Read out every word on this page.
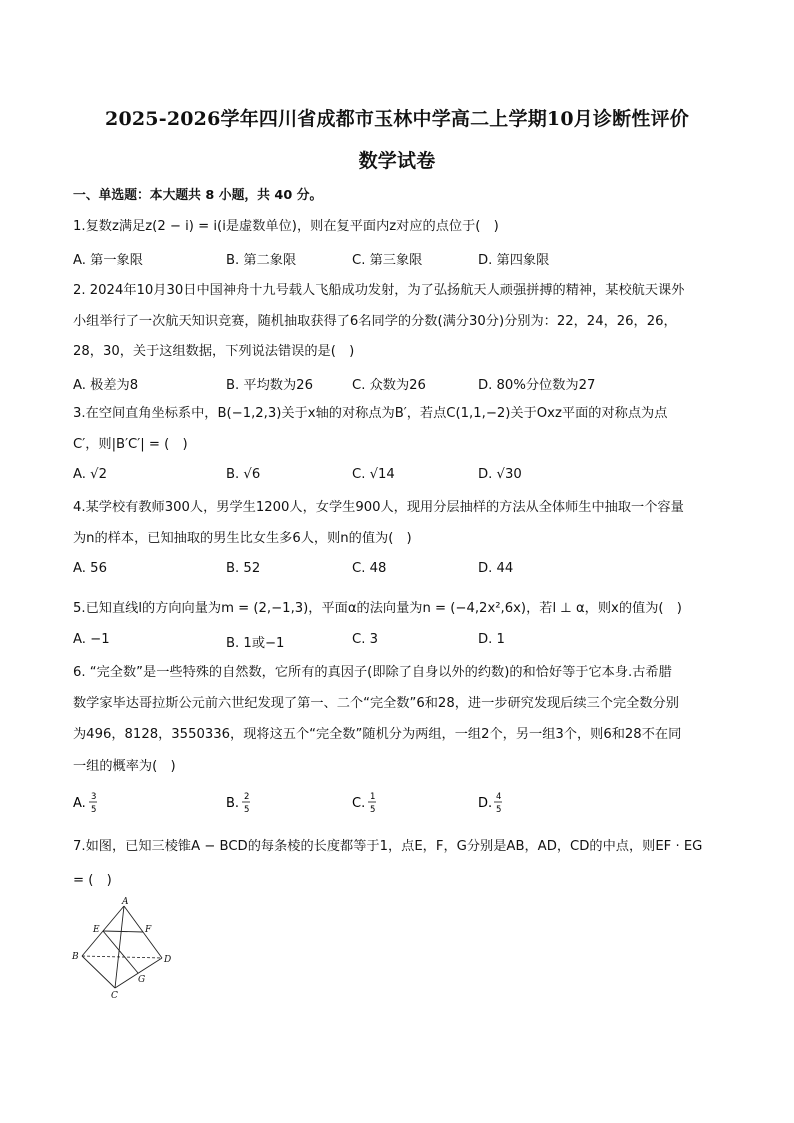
2025-2026学年四川省成都市玉林中学高二上学期10月诊断性评价
数学试卷
一、单选题：本大题共 8 小题，共 40 分。
1.复数z满足z(2 − i) = i(i是虚数单位)，则在复平面内z对应的点位于(　)
A. 第一象限	B. 第二象限	C. 第三象限	D. 第四象限
2. 2024年10月30日中国神舟十九号载人飞船成功发射，为了弘扬航天人顽强拼搏的精神，某校航天课外
小组举行了一次航天知识竞赛，随机抽取获得了6名同学的分数(满分30分)分别为：22，24，26，26，
28，30，关于这组数据，下列说法错误的是(　)
A. 极差为8	B. 平均数为26	C. 众数为26	D. 80%分位数为27
3.在空间直角坐标系中，B(−1,2,3)关于x轴的对称点为B′，若点C(1,1,−2)关于Oxz平面的对称点为点
C′，则|B′C′| = (　)
A. √2	B. √6	C. √14	D. √30
4.某学校有教师300人，男学生1200人，女学生900人，现用分层抽样的方法从全体师生中抽取一个容量
为n的样本，已知抽取的男生比女生多6人，则n的值为(　)
A. 56	B. 52	C. 48	D. 44
5.已知直线l的方向向量为m = (2,−1,3)，平面α的法向量为n = (−4,2x²,6x)，若l ⊥ α，则x的值为(　)
A. −1	B. 1或−1	C. 3	D. 1
6. “完全数”是一些特殊的自然数，它所有的真因子(即除了自身以外的约数)的和恰好等于它本身.古希腊
数学家毕达哥拉斯公元前六世纪发现了第一、二个“完全数”6和28，进一步研究发现后续三个完全数分别
为496，8128，3550336，现将这五个“完全数”随机分为两组，一组2个，另一组3个，则6和28不在同
一组的概率为(　)
A. 3
5	B. 2
5	C. 1
5	D. 4
5
7.如图，已知三棱锥A − BCD的每条棱的长度都等于1，点E，F，G分别是AB，AD，CD的中点，则EF · EG
= (　)
A
E	F
B	D
G
C
